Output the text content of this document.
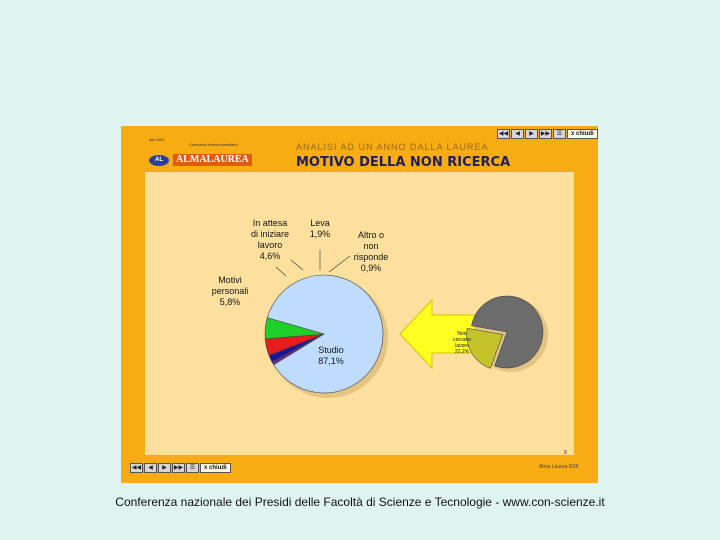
◀◀	◀	▶	▶▶	☰	x chiudi
dal 1994
Consorzio Interuniversitario
AL	ALMALAUREA
ANALISI AD UN ANNO DALLA LAUREA
MOTIVO DELLA NON RICERCA
In attesa
di iniziare
lavoro
4,6%
Leva
1,9%	Altro o
non
risponde
0,9%
Motivi
personali
5,8%
Studio
87,1%
Non
cercano
lavoro
22,2%
9
◀◀	◀	▶	▶▶	☰	x chiudi	Alma Laurea 9/36
Conferenza nazionale dei Presidi delle Facoltà di Scienze e Tecnologie - www.con-scienze.it
